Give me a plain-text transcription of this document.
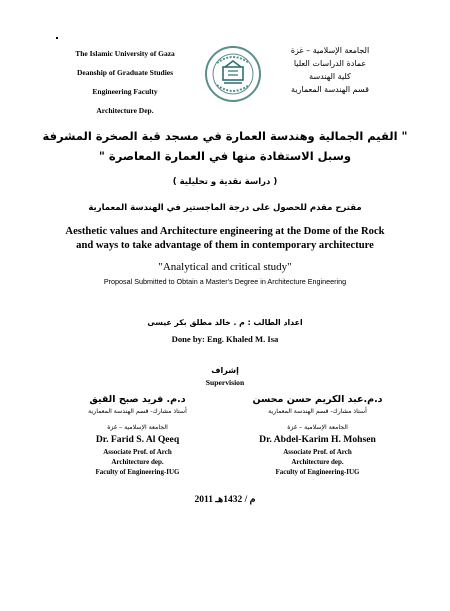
The Islamic University of Gaza
Deanship of Graduate Studies
Engineering Faculty
Architecture Dep.
الجامعة الإسلامية – غزة
عمادة الدراسات العليا
كلية الهندسة
قسم الهندسة المعمارية
" القيم الجمالية وهندسة العمارة في مسجد قبة الصخرة المشرفة
وسبل الاستفادة منها في العمارة المعاصرة "
( دراسة نقدية و تحليلية )
مقترح مقدم للحصول على درجة الماجستير في الهندسة المعمارية
Aesthetic values and Architecture engineering at the Dome of the Rock
and ways to take advantage of them in contemporary architecture
"Analytical and critical study"
Proposal Submitted to Obtain a Master's Degree in Architecture Engineering
اعداد الطالب : م . خالد مطلق بكر عيسى
Done by: Eng. Khaled M. Isa
إشراف
Supervision
د.م. فريد صبح القيق
أستاذ مشارك- قسم الهندسة المعمارية
الجامعة الإسلامية – غزة
Dr. Farid S. Al Qeeq
Associate Prof. of Arch
Architecture dep.
Faculty of Engineering-IUG
د.م.عبد الكريم حسن محسن
أستاذ مشارك- قسم الهندسة المعمارية
الجامعة الإسلامية – غزة
Dr. Abdel-Karim H. Mohsen
Associate Prof. of Arch
Architecture dep.
Faculty of Engineering-IUG
2011 م / 1432هـ
